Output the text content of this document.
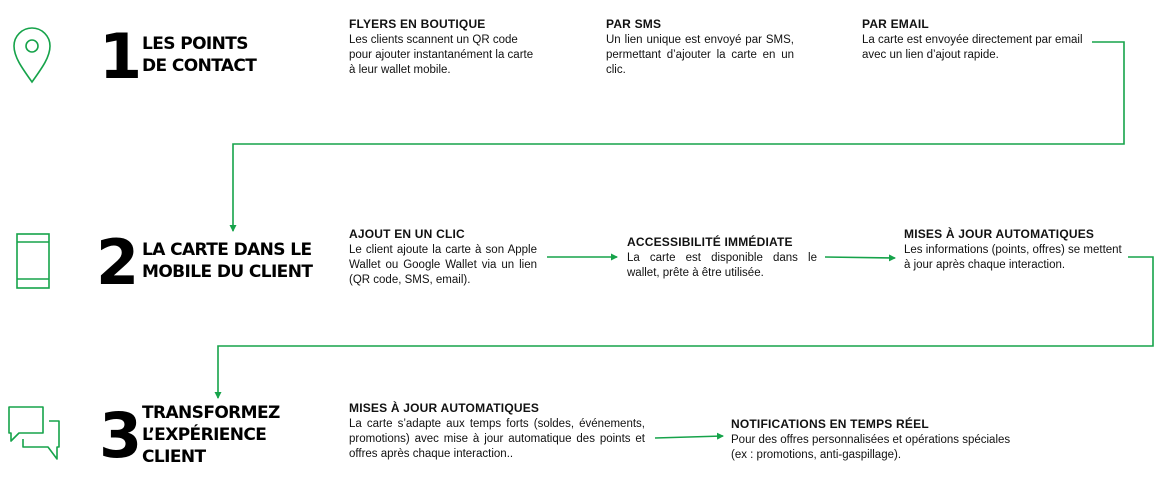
1 LES POINTS
DE CONTACT
FLYERS EN BOUTIQUE
Les clients scannent un QR code pour ajouter instantanément la carte à leur wallet mobile.
PAR SMS
Un lien unique est envoyé par SMS, permettant d’ajouter la carte en un clic.
PAR EMAIL
La carte est envoyée directement par email avec un lien d’ajout rapide.
2 LA CARTE DANS LE
MOBILE DU CLIENT
AJOUT EN UN CLIC
Le client ajoute la carte à son Apple Wallet ou Google Wallet via un lien (QR code, SMS, email).
ACCESSIBILITÉ IMMÉDIATE
La carte est disponible dans le wallet, prête à être utilisée.
MISES À JOUR AUTOMATIQUES
Les informations (points, offres) se mettent à jour après chaque interaction.
3 TRANSFORMEZ
L’EXPÉRIENCE
CLIENT
MISES À JOUR AUTOMATIQUES
La carte s’adapte aux temps forts (soldes, événements, promotions) avec mise à jour automatique des points et offres après chaque interaction..
NOTIFICATIONS EN TEMPS RÉEL
Pour des offres personnalisées et opérations spéciales (ex : promotions, anti-gaspillage).
